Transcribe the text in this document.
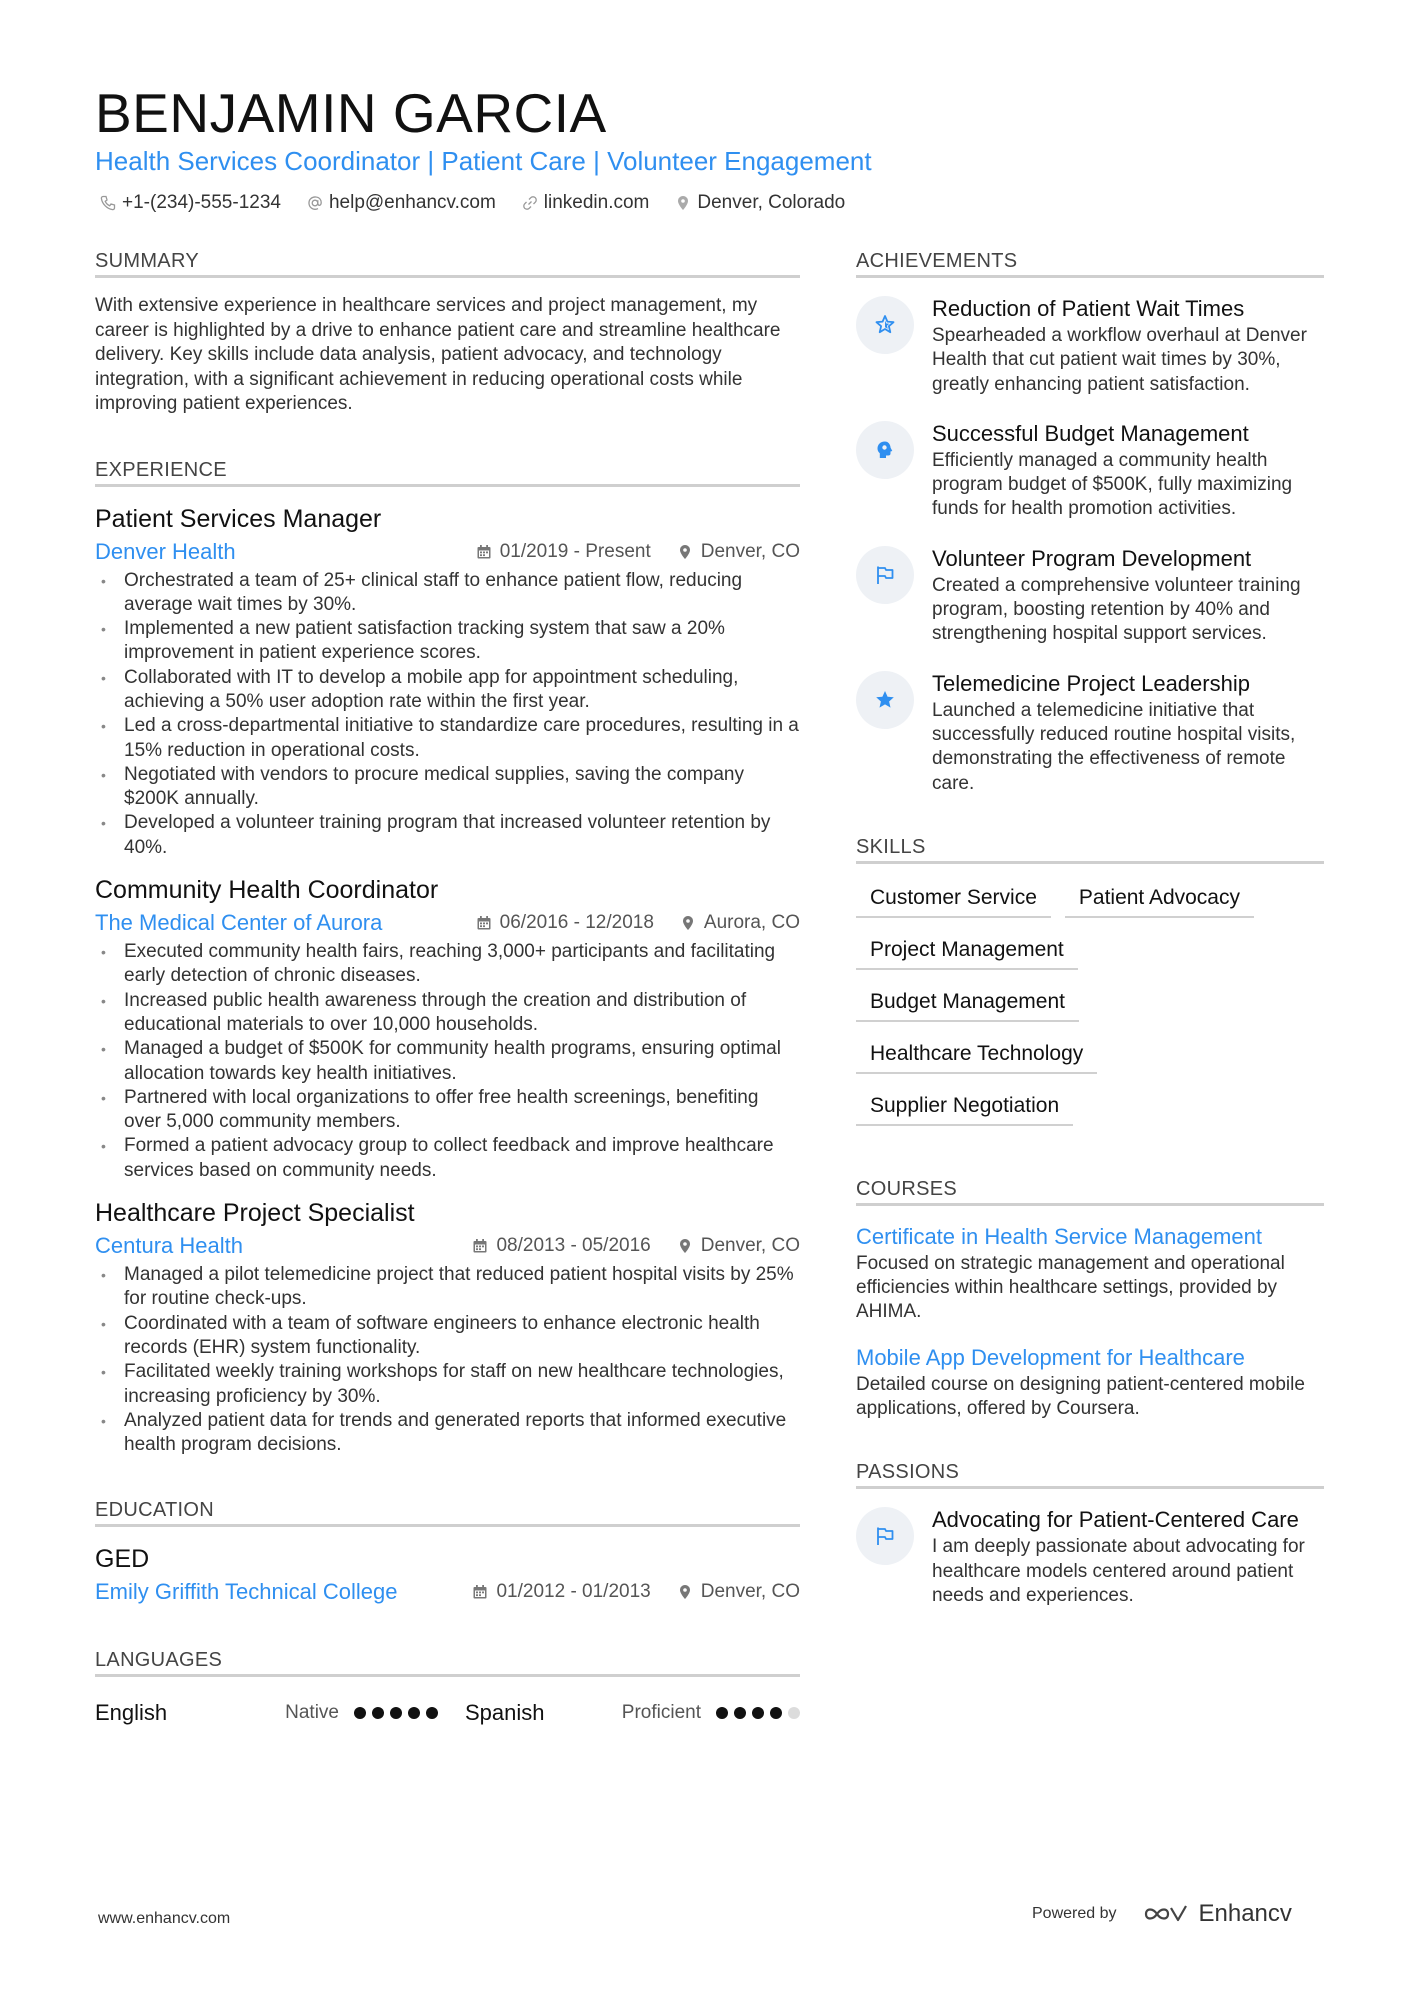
BENJAMIN GARCIA
Health Services Coordinator | Patient Care | Volunteer Engagement
+1-(234)-555-1234	help@enhancv.com	linkedin.com	Denver, Colorado
SUMMARY

With extensive experience in healthcare services and project management, my career is highlighted by a drive to enhance patient care and streamline healthcare delivery. Key skills include data analysis, patient advocacy, and technology integration, with a significant achievement in reducing operational costs while improving patient experiences.

EXPERIENCE
Patient Services Manager
Denver Health	01/2019 - Present	Denver, CO
• Orchestrated a team of 25+ clinical staff to enhance patient flow, reducing average wait times by 30%.
• Implemented a new patient satisfaction tracking system that saw a 20% improvement in patient experience scores.
• Collaborated with IT to develop a mobile app for appointment scheduling, achieving a 50% user adoption rate within the first year.
• Led a cross-departmental initiative to standardize care procedures, resulting in a 15% reduction in operational costs.
• Negotiated with vendors to procure medical supplies, saving the company $200K annually.
• Developed a volunteer training program that increased volunteer retention by 40%.
Community Health Coordinator
The Medical Center of Aurora	06/2016 - 12/2018	Aurora, CO
• Executed community health fairs, reaching 3,000+ participants and facilitating early detection of chronic diseases.
• Increased public health awareness through the creation and distribution of educational materials to over 10,000 households.
• Managed a budget of $500K for community health programs, ensuring optimal allocation towards key health initiatives.
• Partnered with local organizations to offer free health screenings, benefiting over 5,000 community members.
• Formed a patient advocacy group to collect feedback and improve healthcare services based on community needs.
Healthcare Project Specialist
Centura Health	08/2013 - 05/2016	Denver, CO
• Managed a pilot telemedicine project that reduced patient hospital visits by 25% for routine check-ups.
• Coordinated with a team of software engineers to enhance electronic health records (EHR) system functionality.
• Facilitated weekly training workshops for staff on new healthcare technologies, increasing proficiency by 30%.
• Analyzed patient data for trends and generated reports that informed executive health program decisions.
EDUCATION
GED
Emily Griffith Technical College	01/2012 - 01/2013	Denver, CO
LANGUAGES
English	Native	Spanish	Proficient
ACHIEVEMENTS
Reduction of Patient Wait Times
Spearheaded a workflow overhaul at Denver Health that cut patient wait times by 30%, greatly enhancing patient satisfaction.
Successful Budget Management
Efficiently managed a community health program budget of $500K, fully maximizing funds for health promotion activities.
Volunteer Program Development
Created a comprehensive volunteer training program, boosting retention by 40% and strengthening hospital support services.
Telemedicine Project Leadership
Launched a telemedicine initiative that successfully reduced routine hospital visits, demonstrating the effectiveness of remote care.
SKILLS
Customer Service	Patient Advocacy
Project Management
Budget Management
Healthcare Technology
Supplier Negotiation
COURSES
Certificate in Health Service Management
Focused on strategic management and operational efficiencies within healthcare settings, provided by AHIMA.
Mobile App Development for Healthcare
Detailed course on designing patient-centered mobile applications, offered by Coursera.
PASSIONS
Advocating for Patient-Centered Care
I am deeply passionate about advocating for healthcare models centered around patient needs and experiences.
www.enhancv.com	Powered by	Enhancv
